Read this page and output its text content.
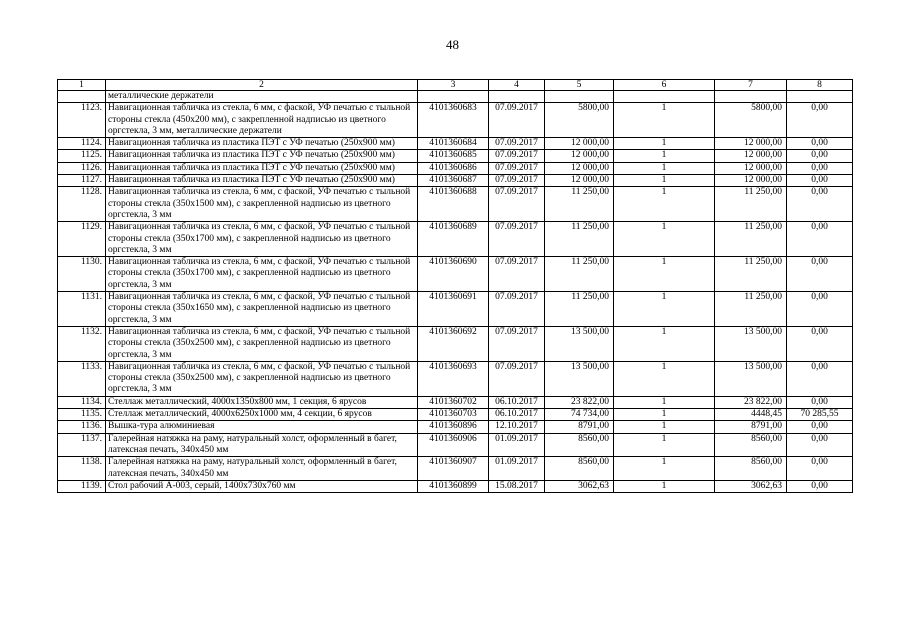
48
1	2	3	4	5	6	7	8
	металлические держатели						
1123.	Навигационная табличка из стекла, 6 мм, с фаской, УФ печатью с тыльной стороны стекла (450x200 мм), с закрепленной надписью из цветного оргстекла, 3 мм, металлические держатели	4101360683	07.09.2017	5800,00	1	5800,00	0,00
1124.	Навигационная табличка из пластика ПЭТ с УФ печатью (250x900 мм)	4101360684	07.09.2017	12 000,00	1	12 000,00	0,00
1125.	Навигационная табличка из пластика ПЭТ с УФ печатью (250x900 мм)	4101360685	07.09.2017	12 000,00	1	12 000,00	0,00
1126.	Навигационная табличка из пластика ПЭТ с УФ печатью (250x900 мм)	4101360686	07.09.2017	12 000,00	1	12 000,00	0,00
1127.	Навигационная табличка из пластика ПЭТ с УФ печатью (250x900 мм)	4101360687	07.09.2017	12 000,00	1	12 000,00	0,00
1128.	Навигационная табличка из стекла, 6 мм, с фаской, УФ печатью с тыльной стороны стекла (350x1500 мм), с закрепленной надписью из цветного оргстекла, 3 мм	4101360688	07.09.2017	11 250,00	1	11 250,00	0,00
1129.	Навигационная табличка из стекла, 6 мм, с фаской, УФ печатью с тыльной стороны стекла (350x1700 мм), с закрепленной надписью из цветного оргстекла, 3 мм	4101360689	07.09.2017	11 250,00	1	11 250,00	0,00
1130.	Навигационная табличка из стекла, 6 мм, с фаской, УФ печатью с тыльной стороны стекла (350x1700 мм), с закрепленной надписью из цветного оргстекла, 3 мм	4101360690	07.09.2017	11 250,00	1	11 250,00	0,00
1131.	Навигационная табличка из стекла, 6 мм, с фаской, УФ печатью с тыльной стороны стекла (350x1650 мм), с закрепленной надписью из цветного оргстекла, 3 мм	4101360691	07.09.2017	11 250,00	1	11 250,00	0,00
1132.	Навигационная табличка из стекла, 6 мм, с фаской, УФ печатью с тыльной стороны стекла (350x2500 мм), с закрепленной надписью из цветного оргстекла, 3 мм	4101360692	07.09.2017	13 500,00	1	13 500,00	0,00
1133.	Навигационная табличка из стекла, 6 мм, с фаской, УФ печатью с тыльной стороны стекла (350x2500 мм), с закрепленной надписью из цветного оргстекла, 3 мм	4101360693	07.09.2017	13 500,00	1	13 500,00	0,00
1134.	Стеллаж металлический, 4000x1350x800 мм, 1 секция, 6 ярусов	4101360702	06.10.2017	23 822,00	1	23 822,00	0,00
1135.	Стеллаж металлический, 4000x6250x1000 мм, 4 секции, 6 ярусов	4101360703	06.10.2017	74 734,00	1	4448,45	70 285,55
1136.	Вышка-тура алюминиевая	4101360896	12.10.2017	8791,00	1	8791,00	0,00
1137.	Галерейная натяжка на раму, натуральный холст, оформленный в багет, латексная печать, 340x450 мм	4101360906	01.09.2017	8560,00	1	8560,00	0,00
1138.	Галерейная натяжка на раму, натуральный холст, оформленный в багет, латексная печать, 340x450 мм	4101360907	01.09.2017	8560,00	1	8560,00	0,00
1139.	Стол рабочий А-003, серый, 1400x730x760 мм	4101360899	15.08.2017	3062,63	1	3062,63	0,00
